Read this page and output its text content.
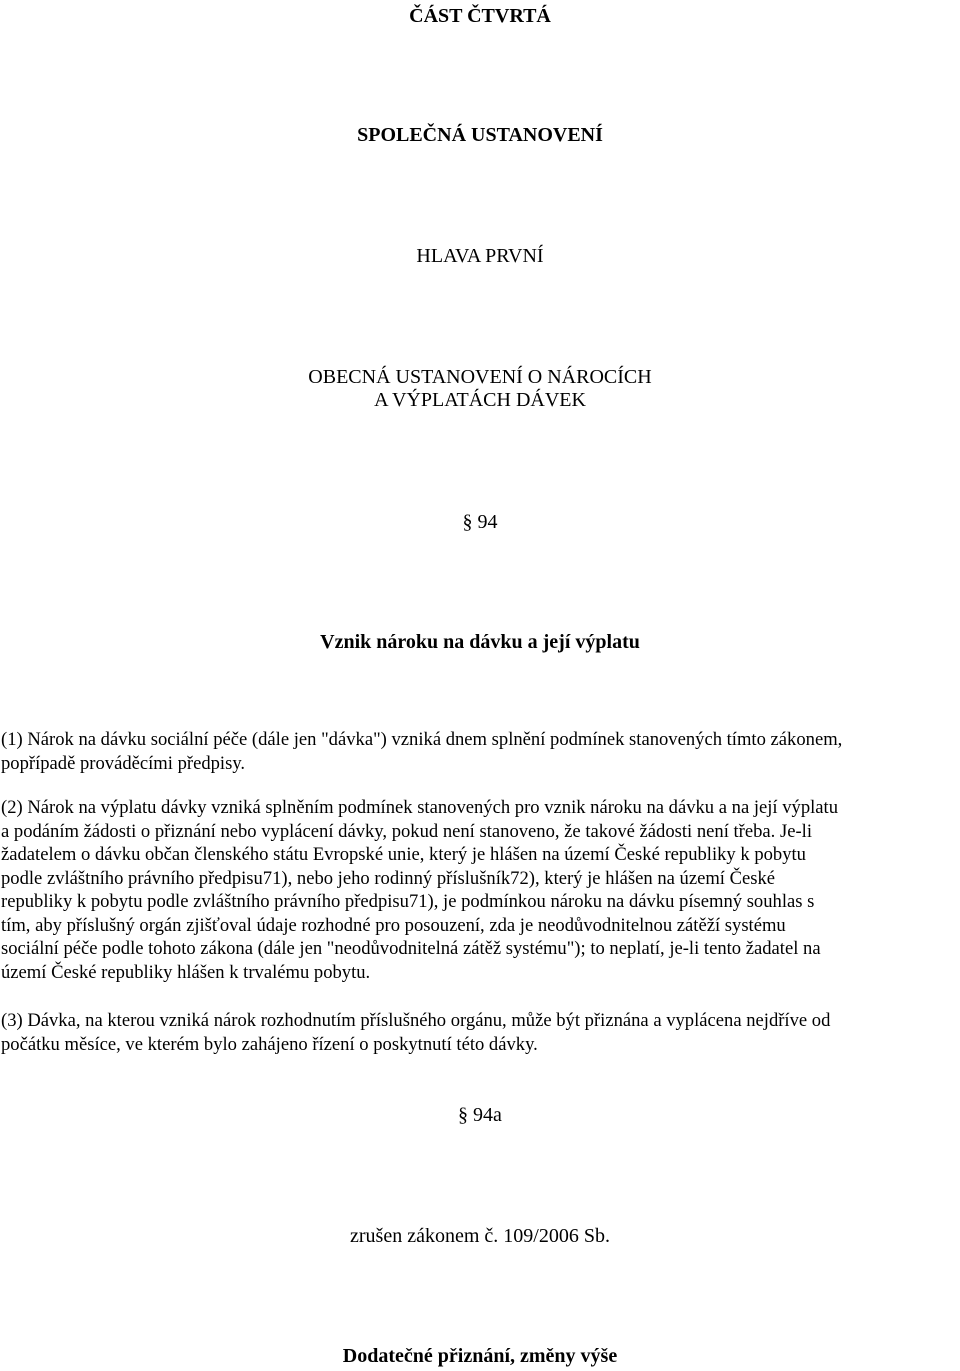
ČÁST ČTVRTÁ
SPOLEČNÁ USTANOVENÍ
HLAVA PRVNÍ
OBECNÁ USTANOVENÍ O NÁROCÍCH
A VÝPLATÁCH DÁVEK
§ 94
Vznik nároku na dávku a její výplatu
(1) Nárok na dávku sociální péče (dále jen "dávka") vzniká dnem splnění podmínek stanovených tímto zákonem,
popřípadě prováděcími předpisy.
(2) Nárok na výplatu dávky vzniká splněním podmínek stanovených pro vznik nároku na dávku a na její výplatu
a podáním žádosti o přiznání nebo vyplácení dávky, pokud není stanoveno, že takové žádosti není třeba. Je-li
žadatelem o dávku občan členského státu Evropské unie, který je hlášen na území České republiky k pobytu
podle zvláštního právního předpisu71), nebo jeho rodinný příslušník72), který je hlášen na území České
republiky k pobytu podle zvláštního právního předpisu71), je podmínkou nároku na dávku písemný souhlas s
tím, aby příslušný orgán zjišťoval údaje rozhodné pro posouzení, zda je neodůvodnitelnou zátěží systému
sociální péče podle tohoto zákona (dále jen "neodůvodnitelná zátěž systému"); to neplatí, je-li tento žadatel na
území České republiky hlášen k trvalému pobytu.
(3) Dávka, na kterou vzniká nárok rozhodnutím příslušného orgánu, může být přiznána a vyplácena nejdříve od
počátku měsíce, ve kterém bylo zahájeno řízení o poskytnutí této dávky.
§ 94a
zrušen zákonem č. 109/2006 Sb.
Dodatečné přiznání, změny výše
